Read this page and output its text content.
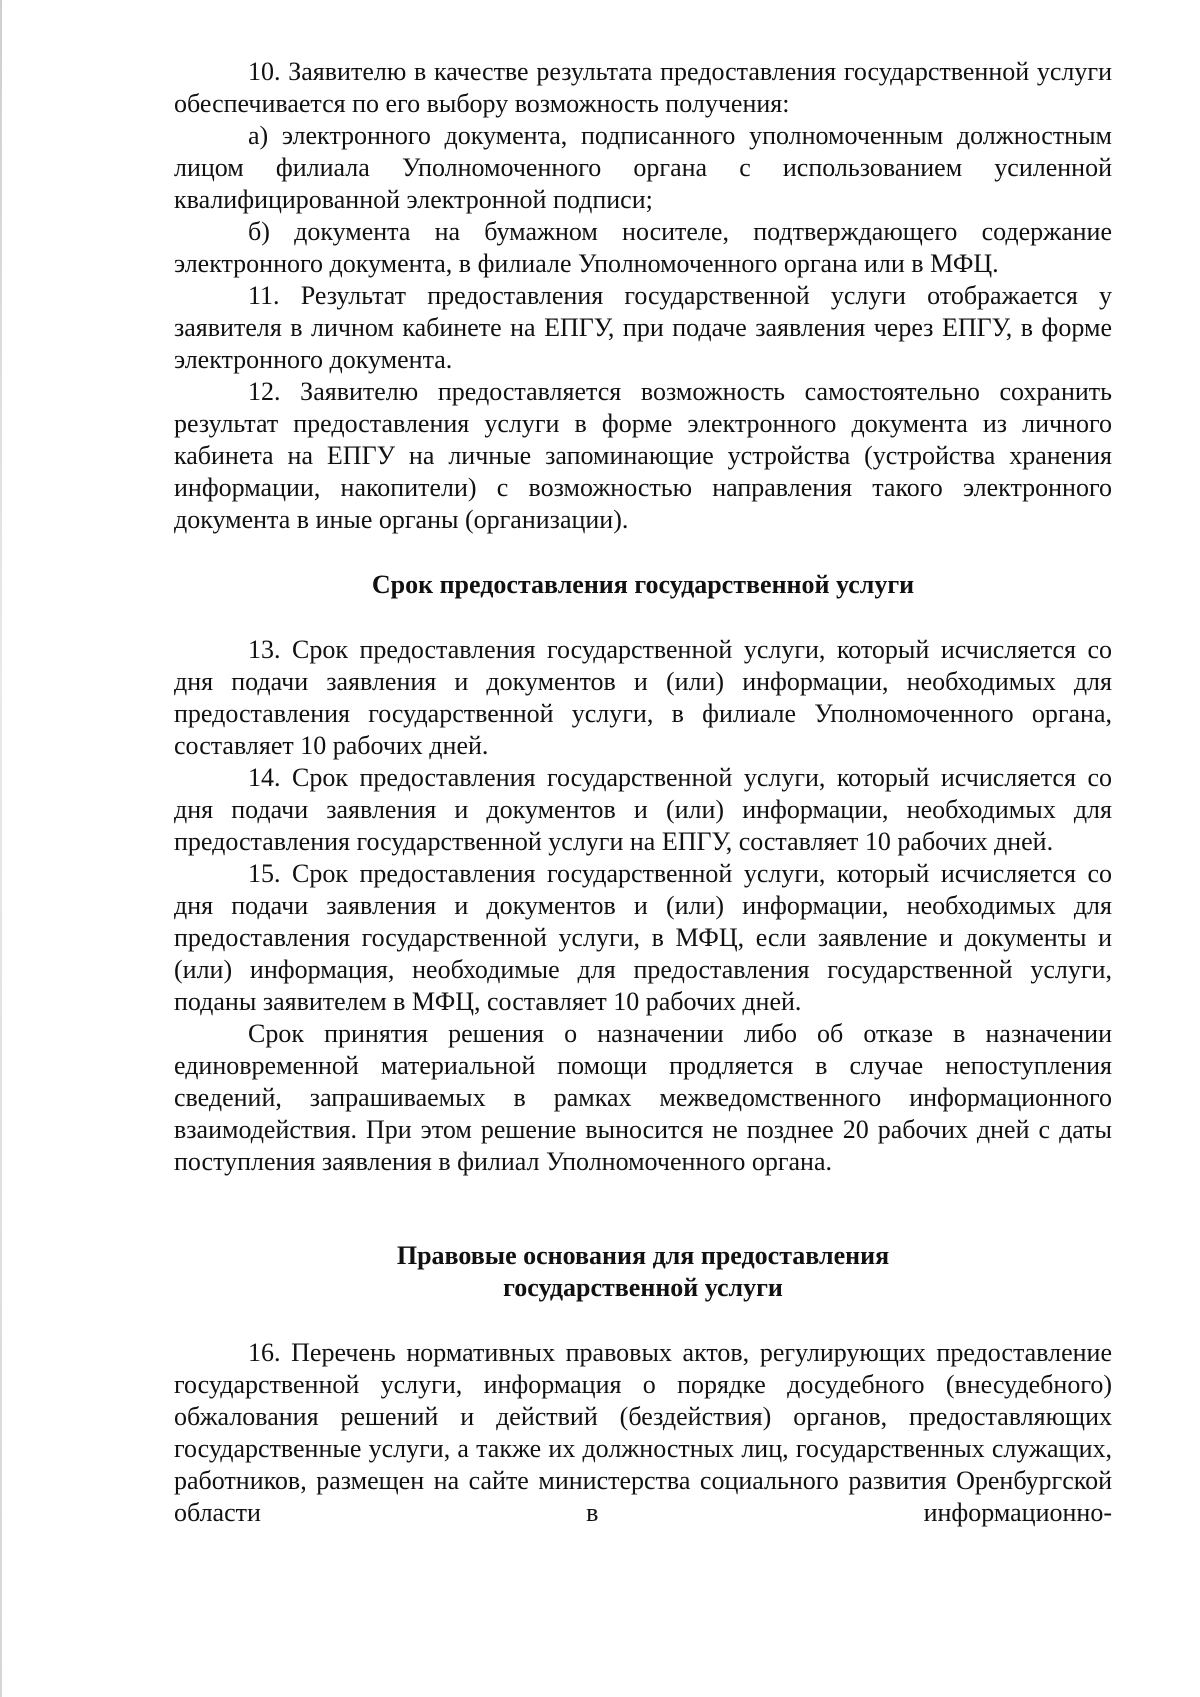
10. Заявителю в качестве результата предоставления государственной услуги обеспечивается по его выбору возможность получения:

а) электронного документа, подписанного уполномоченным должностным лицом филиала Уполномоченного органа с использованием усиленной квалифицированной электронной подписи;

б) документа на бумажном носителе, подтверждающего содержание электронного документа, в филиале Уполномоченного органа или в МФЦ.

11. Результат предоставления государственной услуги отображается у заявителя в личном кабинете на ЕПГУ, при подаче заявления через ЕПГУ, в форме электронного документа.

12. Заявителю предоставляется возможность самостоятельно сохранить результат предоставления услуги в форме электронного документа из личного кабинета на ЕПГУ на личные запоминающие устройства (устройства хранения информации, накопители) с возможностью направления такого электронного документа в иные органы (организации).

Срок предоставления государственной услуги

13. Срок предоставления государственной услуги, который исчисляется со дня подачи заявления и документов и (или) информации, необходимых для предоставления государственной услуги, в филиале Уполномоченного органа, составляет 10 рабочих дней.

14. Срок предоставления государственной услуги, который исчисляется со дня подачи заявления и документов и (или) информации, необходимых для предоставления государственной услуги на ЕПГУ, составляет 10 рабочих дней.

15. Срок предоставления государственной услуги, который исчисляется со дня подачи заявления и документов и (или) информации, необходимых для предоставления государственной услуги, в МФЦ, если заявление и документы и (или) информация, необходимые для предоставления государственной услуги, поданы заявителем в МФЦ, составляет 10 рабочих дней.

Срок принятия решения о назначении либо об отказе в назначении единовременной материальной помощи продляется в случае непоступления сведений, запрашиваемых в рамках межведомственного информационного взаимодействия. При этом решение выносится не позднее 20 рабочих дней с даты поступления заявления в филиал Уполномоченного органа.

Правовые основания для предоставления
государственной услуги

16. Перечень нормативных правовых актов, регулирующих предоставление государственной услуги, информация о порядке досудебного (внесудебного) обжалования решений и действий (бездействия) органов, предоставляющих государственные услуги, а также их должностных лиц, государственных служащих, работников, размещен на сайте министерства социального развития Оренбургской области в информационно-
